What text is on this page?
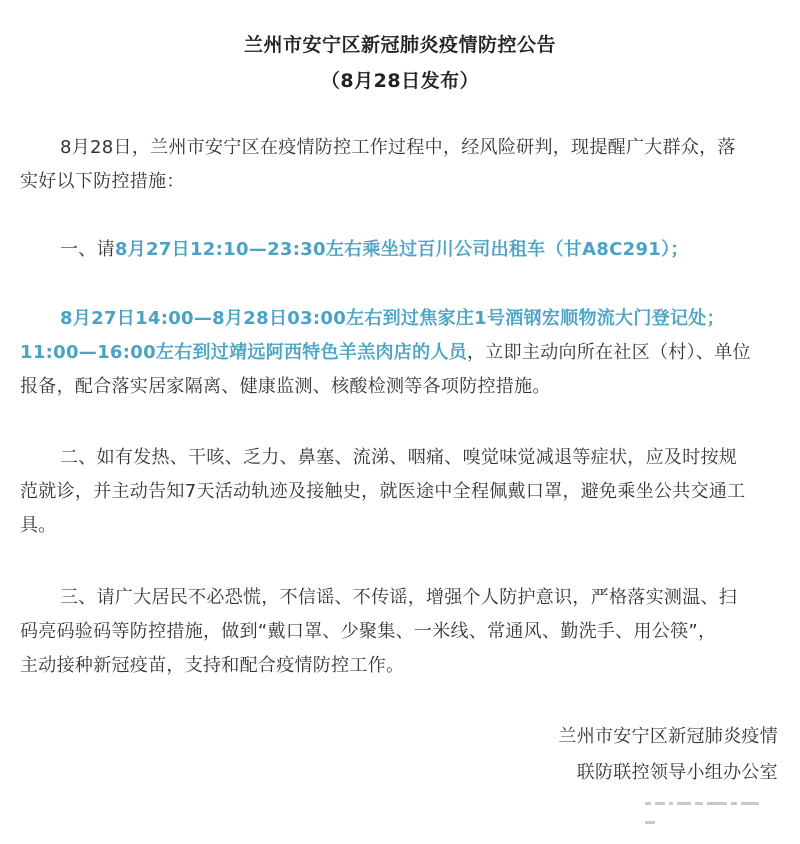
兰州市安宁区新冠肺炎疫情防控公告
（8月28日发布）
8月28日，兰州市安宁区在疫情防控工作过程中，经风险研判，现提醒广大群众，落
实好以下防控措施：
一、请8月27日12:10—23:30左右乘坐过百川公司出租车（甘A8C291）；
8月27日14:00—8月28日03:00左右到过焦家庄1号酒钢宏顺物流大门登记处；
11:00—16:00左右到过靖远阿西特色羊羔肉店的人员，立即主动向所在社区（村）、单位
报备，配合落实居家隔离、健康监测、核酸检测等各项防控措施。
二、如有发热、干咳、乏力、鼻塞、流涕、咽痛、嗅觉味觉减退等症状，应及时按规
范就诊，并主动告知7天活动轨迹及接触史，就医途中全程佩戴口罩，避免乘坐公共交通工
具。
三、请广大居民不必恐慌，不信谣、不传谣，增强个人防护意识，严格落实测温、扫
码亮码验码等防控措施，做到“戴口罩、少聚集、一米线、常通风、勤洗手、用公筷”，
主动接种新冠疫苗，支持和配合疫情防控工作。
兰州市安宁区新冠肺炎疫情
联防联控领导小组办公室
